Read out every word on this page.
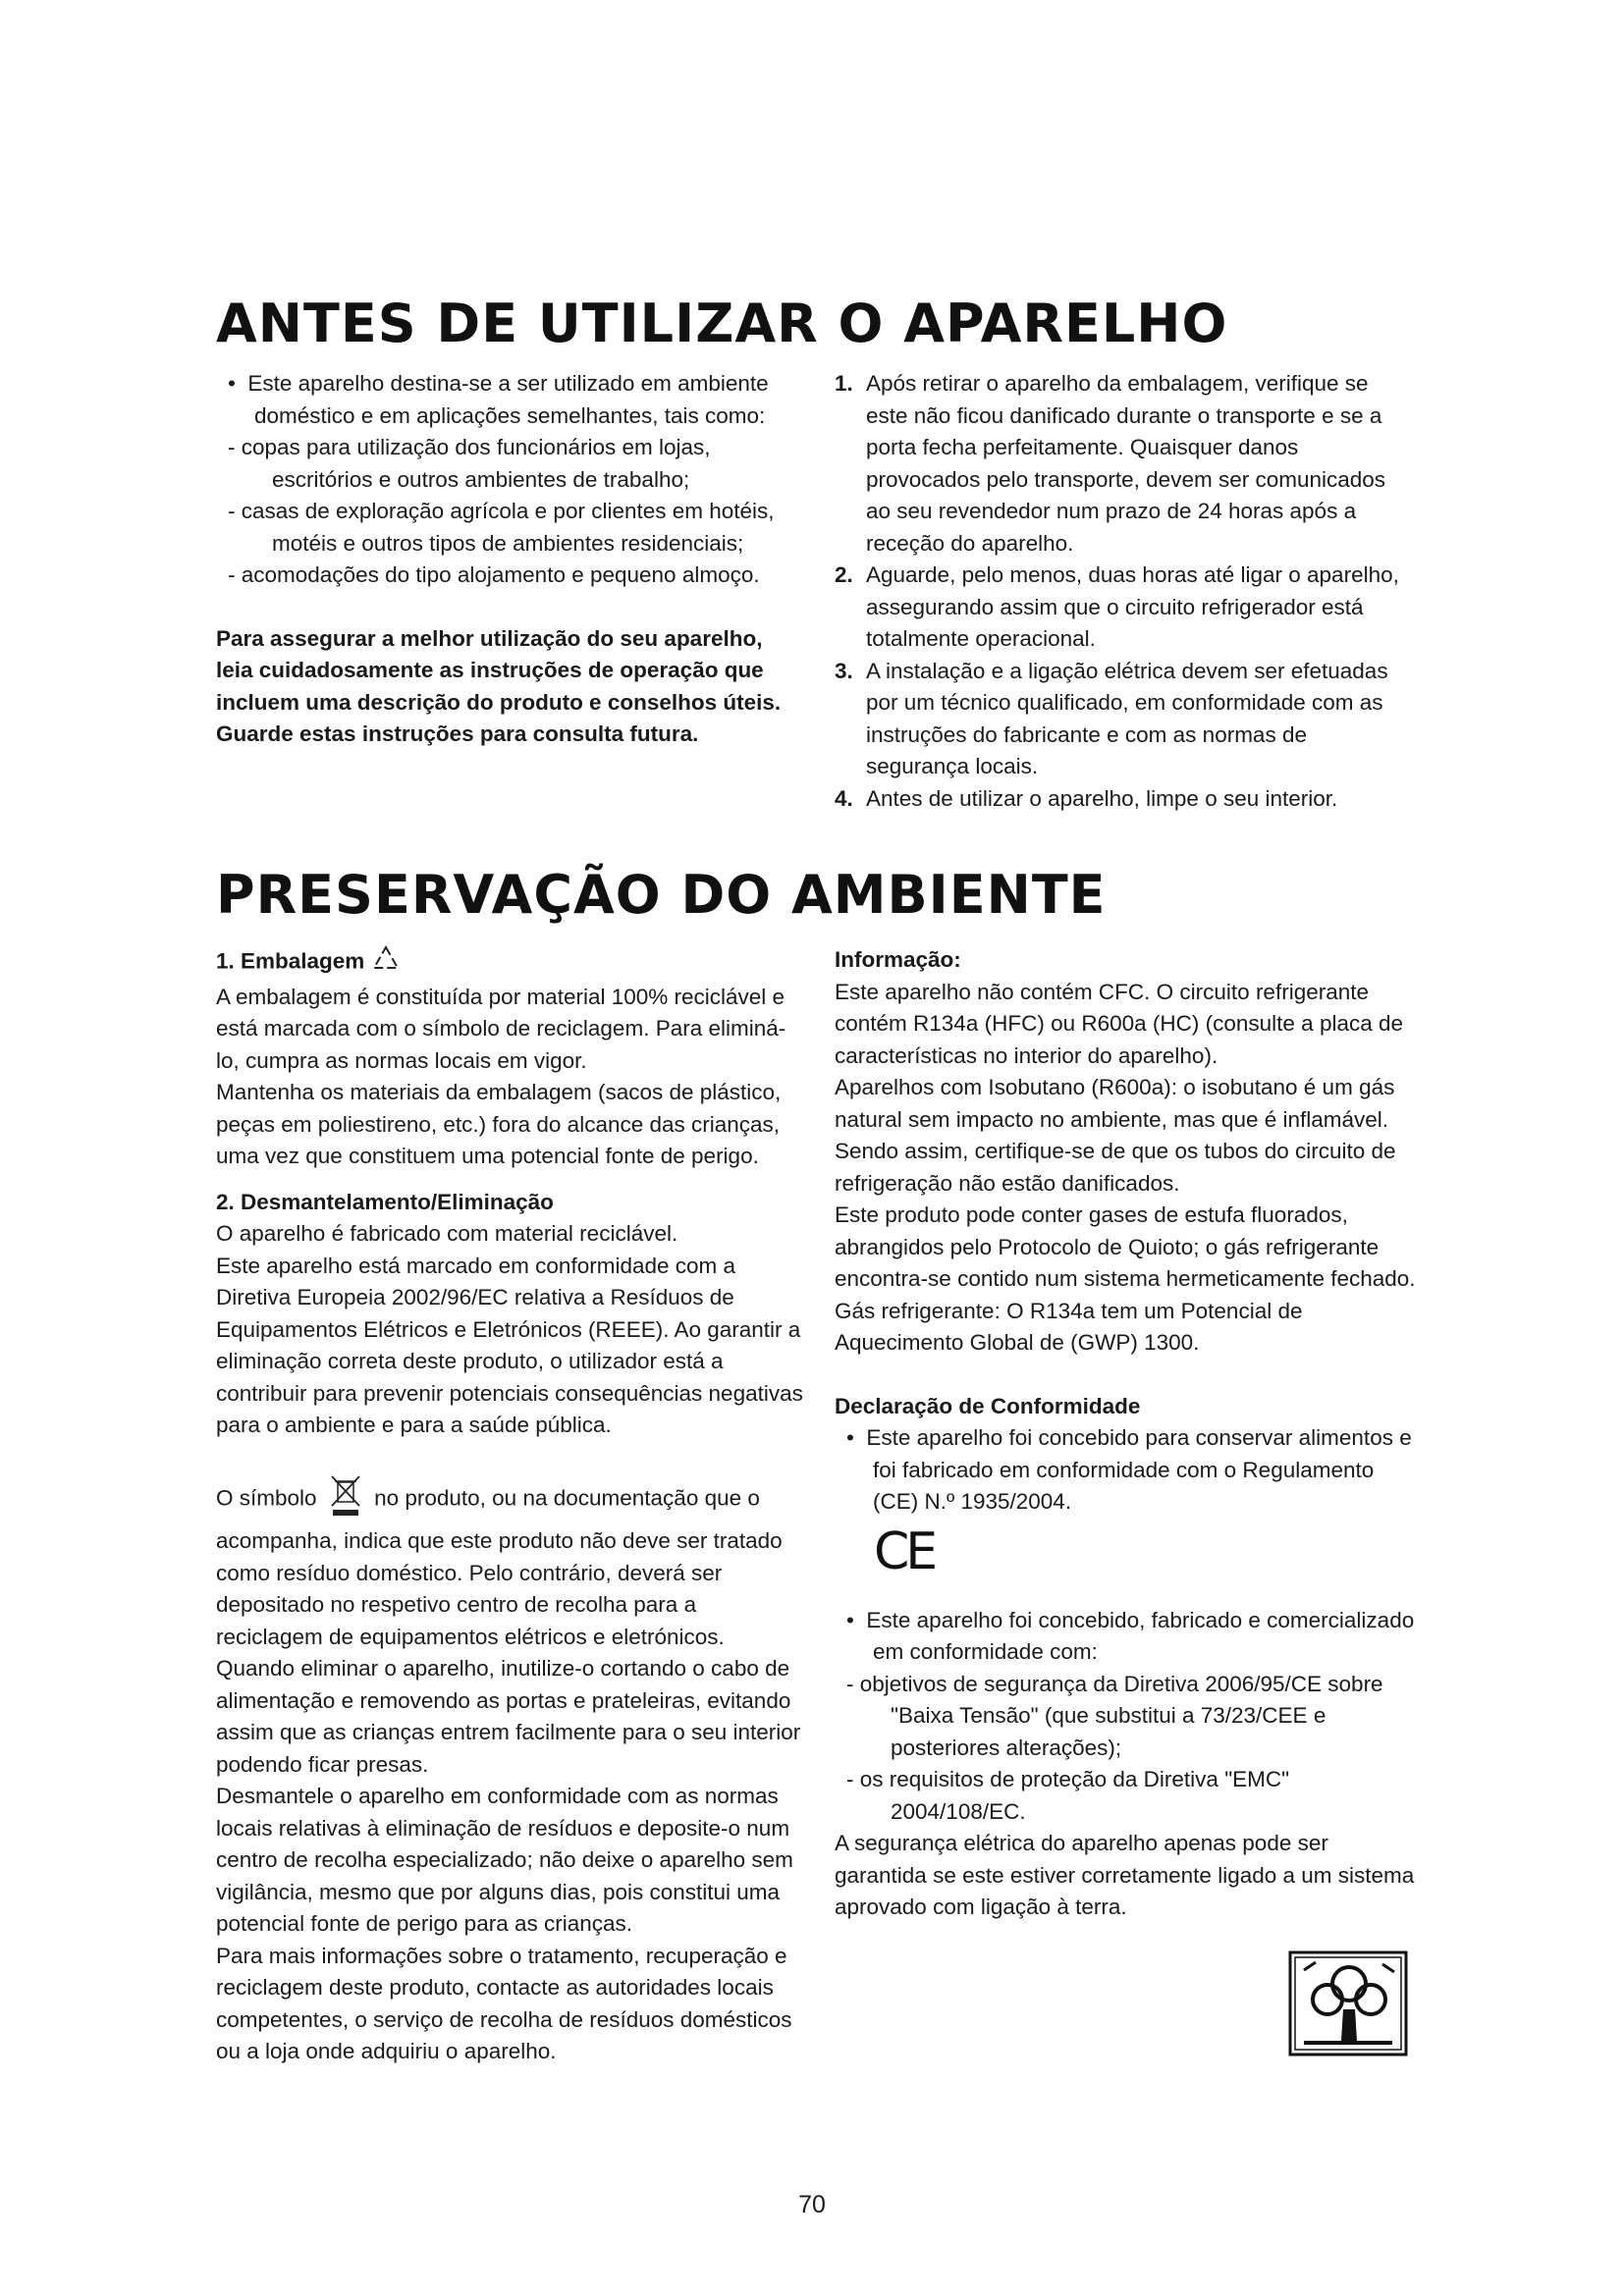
ANTES DE UTILIZAR O APARELHO

•  Este aparelho destina-se a ser utilizado em ambiente doméstico e em aplicações semelhantes, tais como:

- copas para utilização dos funcionários em lojas, escritórios e outros ambientes de trabalho;

- casas de exploração agrícola e por clientes em hotéis, motéis e outros tipos de ambientes residenciais;

- acomodações do tipo alojamento e pequeno almoço.

Para assegurar a melhor utilização do seu aparelho, leia cuidadosamente as instruções de operação que incluem uma descrição do produto e conselhos úteis.

Guarde estas instruções para consulta futura.

1. Após retirar o aparelho da embalagem, verifique se este não ficou danificado durante o transporte e se a porta fecha perfeitamente. Quaisquer danos provocados pelo transporte, devem ser comunicados ao seu revendedor num prazo de 24 horas após a receção do aparelho.

2. Aguarde, pelo menos, duas horas até ligar o aparelho, assegurando assim que o circuito refrigerador está totalmente operacional.

3. A instalação e a ligação elétrica devem ser efetuadas por um técnico qualificado, em conformidade com as instruções do fabricante e com as normas de segurança locais.

4. Antes de utilizar o aparelho, limpe o seu interior.

PRESERVAÇÃO DO AMBIENTE

1. Embalagem

A embalagem é constituída por material 100% reciclável e está marcada com o símbolo de reciclagem. Para eliminá-lo, cumpra as normas locais em vigor.

Mantenha os materiais da embalagem (sacos de plástico, peças em poliestireno, etc.) fora do alcance das crianças, uma vez que constituem uma potencial fonte de perigo.

2. Desmantelamento/Eliminação

O aparelho é fabricado com material reciclável.

Este aparelho está marcado em conformidade com a Diretiva Europeia 2002/96/EC relativa a Resíduos de Equipamentos Elétricos e Eletrónicos (REEE). Ao garantir a eliminação correta deste produto, o utilizador está a contribuir para prevenir potenciais consequências negativas para o ambiente e para a saúde pública.

O símbolo	no produto, ou na documentação que o acompanha, indica que este produto não deve ser tratado como resíduo doméstico. Pelo contrário, deverá ser depositado no respetivo centro de recolha para a reciclagem de equipamentos elétricos e eletrónicos.

Quando eliminar o aparelho, inutilize-o cortando o cabo de alimentação e removendo as portas e prateleiras, evitando assim que as crianças entrem facilmente para o seu interior podendo ficar presas.

Desmantele o aparelho em conformidade com as normas locais relativas à eliminação de resíduos e deposite-o num centro de recolha especializado; não deixe o aparelho sem vigilância, mesmo que por alguns dias, pois constitui uma potencial fonte de perigo para as crianças.

Para mais informações sobre o tratamento, recuperação e reciclagem deste produto, contacte as autoridades locais competentes, o serviço de recolha de resíduos domésticos ou a loja onde adquiriu o aparelho.

Informação:

Este aparelho não contém CFC. O circuito refrigerante contém R134a (HFC) ou R600a (HC) (consulte a placa de características no interior do aparelho).

Aparelhos com Isobutano (R600a): o isobutano é um gás natural sem impacto no ambiente, mas que é inflamável. Sendo assim, certifique-se de que os tubos do circuito de refrigeração não estão danificados.

Este produto pode conter gases de estufa fluorados, abrangidos pelo Protocolo de Quioto; o gás refrigerante encontra-se contido num sistema hermeticamente fechado.

Gás refrigerante: O R134a tem um Potencial de Aquecimento Global de (GWP) 1300.

Declaração de Conformidade

•  Este aparelho foi concebido para conservar alimentos e foi fabricado em conformidade com o Regulamento (CE) N.º 1935/2004.

CE

•  Este aparelho foi concebido, fabricado e comercializado em conformidade com:

- objetivos de segurança da Diretiva 2006/95/CE sobre "Baixa Tensão" (que substitui a 73/23/CEE e posteriores alterações);

- os requisitos de proteção da Diretiva "EMC" 2004/108/EC.

A segurança elétrica do aparelho apenas pode ser garantida se este estiver corretamente ligado a um sistema aprovado com ligação à terra.

70
